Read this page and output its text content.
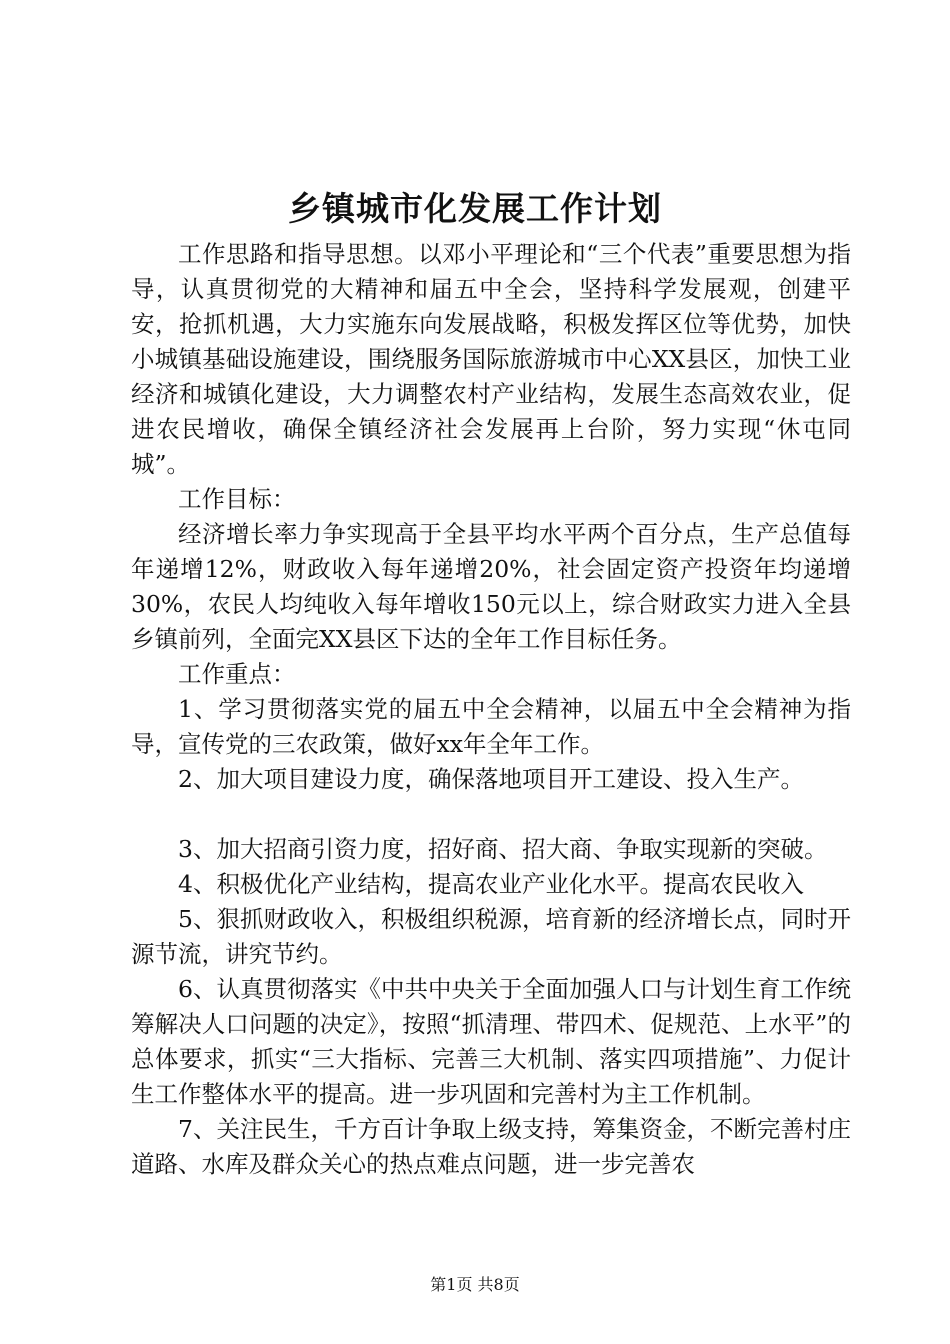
乡镇城市化发展工作计划

工作思路和指导思想。以邓小平理论和“三个代表”重要思想为指导，认真贯彻党的大精神和届五中全会，坚持科学发展观，创建平安，抢抓机遇，大力实施东向发展战略，积极发挥区位等优势，加快小城镇基础设施建设，围绕服务国际旅游城市中心XX县区，加快工业经济和城镇化建设，大力调整农村产业结构，发展生态高效农业，促进农民增收，确保全镇经济社会发展再上台阶，努力实现“休屯同城”。

工作目标：

经济增长率力争实现高于全县平均水平两个百分点，生产总值每年递增12%，财政收入每年递增20%，社会固定资产投资年均递增30%，农民人均纯收入每年增收150元以上，综合财政实力进入全县乡镇前列，全面完XX县区下达的全年工作目标任务。

工作重点：

1、学习贯彻落实党的届五中全会精神，以届五中全会精神为指导，宣传党的三农政策，做好xx年全年工作。

2、加大项目建设力度，确保落地项目开工建设、投入生产。

3、加大招商引资力度，招好商、招大商、争取实现新的突破。

4、积极优化产业结构，提高农业产业化水平。提高农民收入

5、狠抓财政收入，积极组织税源，培育新的经济增长点，同时开源节流，讲究节约。

6、认真贯彻落实《中共中央关于全面加强人口与计划生育工作统筹解决人口问题的决定》，按照“抓清理、带四术、促规范、上水平”的总体要求，抓实“三大指标、完善三大机制、落实四项措施”、力促计生工作整体水平的提高。进一步巩固和完善村为主工作机制。

7、关注民生，千方百计争取上级支持，筹集资金，不断完善村庄道路、水库及群众关心的热点难点问题，进一步完善农

第1页 共8页
